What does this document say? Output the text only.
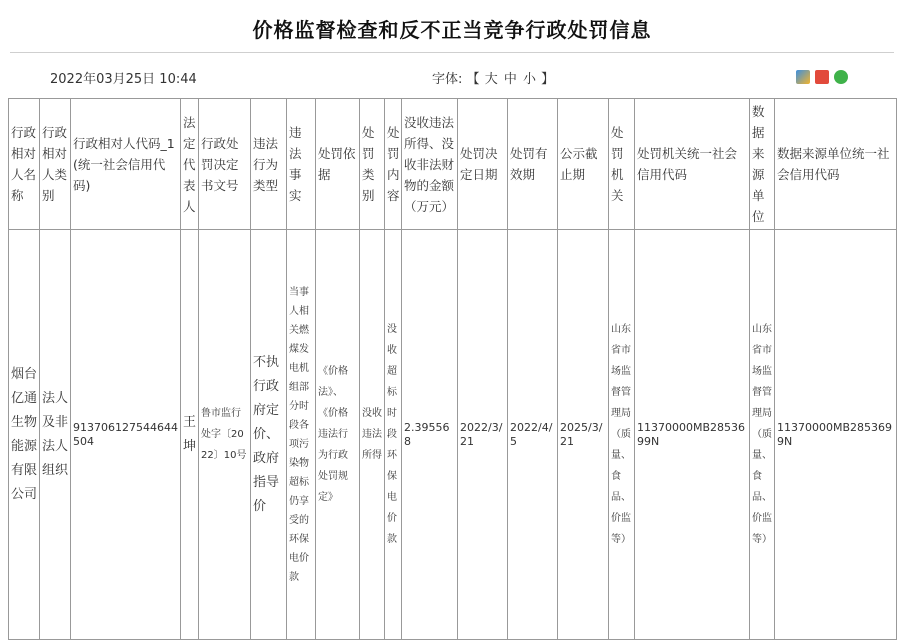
价格监督检查和反不正当竞争行政处罚信息
2022年03月25日 10:44	字体: 【 大 中 小 】
行政相对人名称	行政相对人类别	行政相对人代码_1(统一社会信用代码)	法定代表人	行政处罚决定书文号	违法行为类型	违法事实	处罚依据	处罚类别	处罚内容	没收违法所得、没收非法财物的金额（万元）	处罚决定日期	处罚有效期	公示截止期	处罚机关	处罚机关统一社会信用代码	数据来源单位	数据来源单位统一社会信用代码
烟台亿通生物能源有限公司	法人及非法人组织	913706127544644504	王坤	鲁市监行处字〔2022〕10号	不执行政府定价、政府指导价	当事人相关燃煤发电机组部分时段各项污染物超标仍享受的环保电价款	《价格法》、《价格违法行为行政处罚规定》	没收违法所得	没收超标时段环保电价款	2.395568	2022/3/21	2022/4/5	2025/3/21	山东省市场监督管理局（质量、食品、价监等）	11370000MB2853699N	山东省市场监督管理局（质量、食品、价监等）	11370000MB2853699N
